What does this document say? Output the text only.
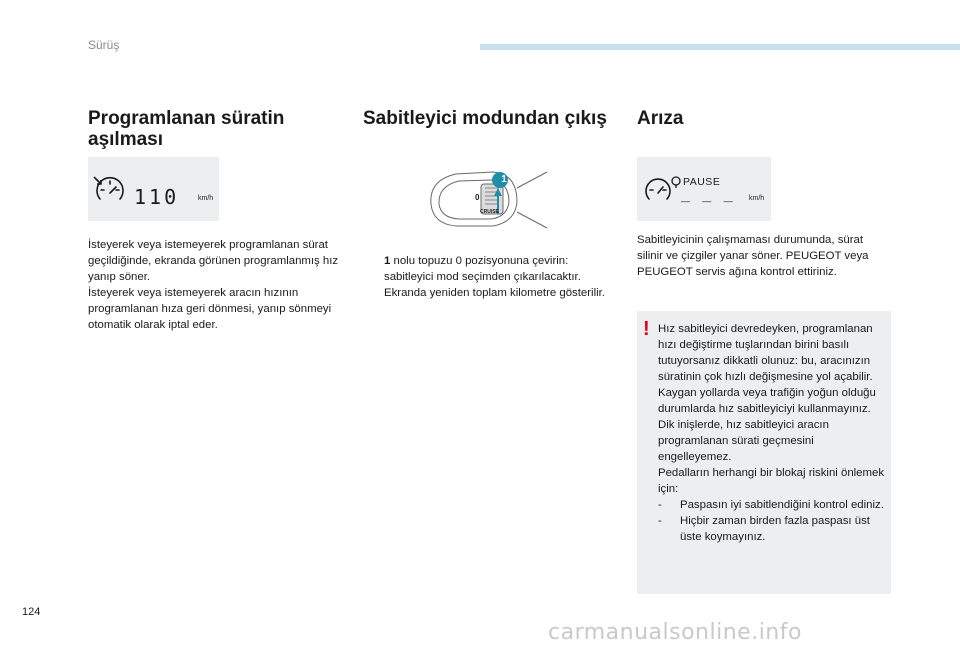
Sürüş
Programlanan süratin aşılması
110	km/h

İsteyerek veya istemeyerek programlanan sürat geçildiğinde, ekranda görünen programlanmış hız yanıp söner.

İsteyerek veya istemeyerek aracın hızının programlanan hıza geri dönmesi, yanıp sönmeyi otomatik olarak iptal eder.

Sabitleyici modundan çıkış
1
0
CRUISE
1 nolu topuzu 0 pozisyonuna çevirin: sabitleyici mod seçimden çıkarılacaktır. Ekranda yeniden toplam kilometre gösterilir.
Arıza
PAUSE
_ _ _ km/h
Sabitleyicinin çalışmaması durumunda, sürat silinir ve çizgiler yanar söner. PEUGEOT veya PEUGEOT servis ağına kontrol ettiriniz.
! Hız sabitleyici devredeyken, programlanan hızı değiştirme tuşlarından birini basılı tutuyorsanız dikkatli olunuz: bu, aracınızın süratinin çok hızlı değişmesine yol açabilir.

Kaygan yollarda veya trafiğin yoğun olduğu durumlarda hız sabitleyiciyi kullanmayınız.

Dik inişlerde, hız sabitleyici aracın programlanan sürati geçmesini engelleyemez.

Pedalların herhangi bir blokaj riskini önlemek için:

-	Paspasın iyi sabitlendiğini kontrol ediniz.
-	Hiçbir zaman birden fazla paspası üst üste koymayınız.
124
carmanualsonline.info
